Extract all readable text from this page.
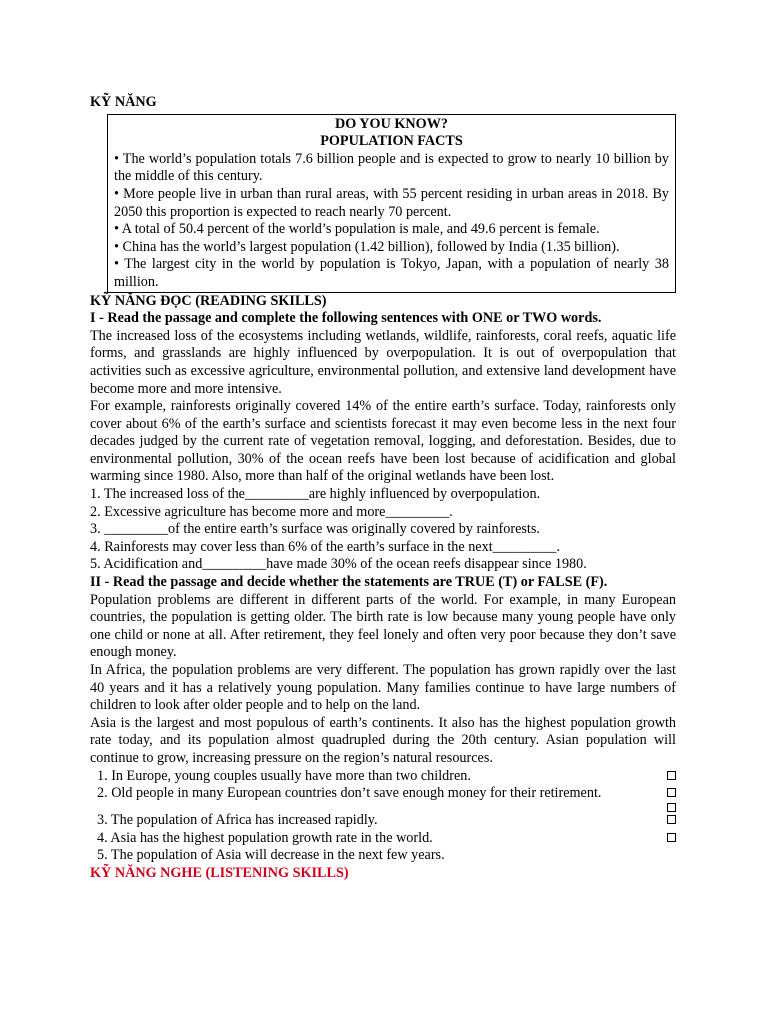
KỸ NĂNG

DO YOU KNOW?
POPULATION FACTS
• The world’s population totals 7.6 billion people and is expected to grow to nearly 10 billion by the middle of this century.
• More people live in urban than rural areas, with 55 percent residing in urban areas in 2018. By 2050 this proportion is expected to reach nearly 70 percent.
• A total of 50.4 percent of the world’s population is male, and 49.6 percent is female.
• China has the world’s largest population (1.42 billion), followed by India (1.35 billion).
• The largest city in the world by population is Tokyo, Japan, with a population of nearly 38 million.

KỸ NĂNG ĐỌC (READING SKILLS)

I - Read the passage and complete the following sentences with ONE or TWO words.
The increased loss of the ecosystems including wetlands, wildlife, rainforests, coral reefs, aquatic life forms, and grasslands are highly influenced by overpopulation. It is out of overpopulation that activities such as excessive agriculture, environmental pollution, and extensive land development have become more and more intensive.
For example, rainforests originally covered 14% of the entire earth’s surface. Today, rainforests only cover about 6% of the earth’s surface and scientists forecast it may even become less in the next four decades judged by the current rate of vegetation removal, logging, and deforestation. Besides, due to environmental pollution, 30% of the ocean reefs have been lost because of acidification and global warming since 1980. Also, more than half of the original wetlands have been lost.
1. The increased loss of the_________are highly influenced by overpopulation.
2. Excessive agriculture has become more and more_________.
3. _________of the entire earth’s surface was originally covered by rainforests.
4. Rainforests may cover less than 6% of the earth’s surface in the next_________.
5. Acidification and_________have made 30% of the ocean reefs disappear since 1980.
II - Read the passage and decide whether the statements are TRUE (T) or FALSE (F).
Population problems are different in different parts of the world. For example, in many European countries, the population is getting older. The birth rate is low because many young people have only one child or none at all. After retirement, they feel lonely and often very poor because they don’t save enough money.
In Africa, the population problems are very different. The population has grown rapidly over the last 40 years and it has a relatively young population. Many families continue to have large numbers of children to look after older people and to help on the land.
Asia is the largest and most populous of earth’s continents. It also has the highest population growth rate today, and its population almost quadrupled during the 20th century. Asian population will continue to grow, increasing pressure on the region’s natural resources.
1. In Europe, young couples usually have more than two children.
2. Old people in many European countries don’t save enough money for their retirement.
3. The population of Africa has increased rapidly.
4. Asia has the highest population growth rate in the world.
5. The population of Asia will decrease in the next few years.

KỸ NĂNG NGHE (LISTENING SKILLS)
